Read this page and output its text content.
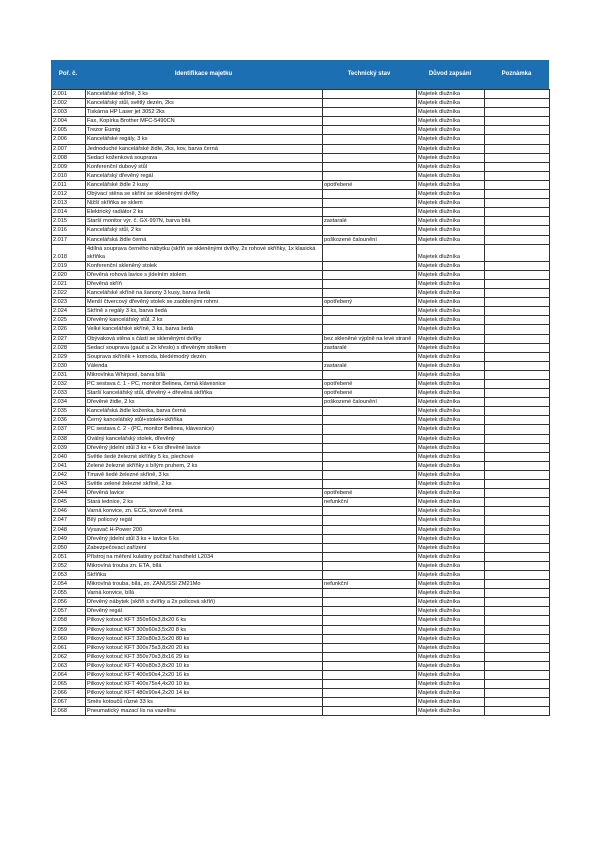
Poř. č.	Identifikace majetku	Technický stav	Důvod zapsání	Poznámka
2.001	Kancelářské skříně, 3 ks		Majetek dlužníka	
2.002	Kancelářský stůl, světlý dezén, 2ks		Majetek dlužníka	
2.003	Tiskárna HP Laser jet 3052 2ks		Majetek dlužníka	
2.004	Fax, Kopírka Brother MFC-5490CN		Majetek dlužníka	
2.005	Trezor Eumig		Majetek dlužníka	
2.006	Kancelářské regály, 3 ks		Majetek dlužníka	
2.007	Jednoduché kancelářské židle, 2ks, kov, barva černá		Majetek dlužníka	
2.008	Sedací koženková souprava		Majetek dlužníka	
2.009	Konferenční dubový stůl		Majetek dlužníka	
2.010	Kancelářský dřevěný regál		Majetek dlužníka	
2.011	Kancelářské židle 2 kusy	opotřebené	Majetek dlužníka	
2.012	Obývací stěna se skříní se skleněnými dvířky		Majetek dlužníka	
2.013	Nižší skříňka se sklem		Majetek dlužníka	
2.014	Elektrický radiátor 2 ks		Majetek dlužníka	
2.015	Starší monitor výr. č. GX-997N, barva bílá	zastaralé	Majetek dlužníka	
2.016	Kancelářský stůl, 2 ks		Majetek dlužníka	
2.017	Kancelářská židle černá	poškozené čalounění	Majetek dlužníka	
2.018	4dílná souprava černého nábytku (skříň se skleněnými dvířky, 2x rohové skříňky, 1x klasická skříňka		Majetek dlužníka	
2.019	Konferenční skleněný stolek		Majetek dlužníka	
2.020	Dřevěná rohová lavice s jídelním stolem		Majetek dlužníka	
2.021	Dřevěná skříň		Majetek dlužníka	
2.022	Kancelářské skříně na šanony 3 kusy, barva šedá		Majetek dlužníka	
2.023	Menší čtvercový dřevěný stolek se zaoblenými rohmi	opotřebený	Majetek dlužníka	
2.024	Skříně s regály 3 ks, barva šedá		Majetek dlužníka	
2.025	Dřevěný kancelářský stůl, 2 ks		Majetek dlužníka	
2.026	Velké kancelářské skříně, 3 ks, barva šedá		Majetek dlužníka	
2.027	Obývaková stěna s částí se skleněnými dvířky	bez skleněné výplně na levé straně	Majetek dlužníka	
2.028	Sedací souprava (gauč a 2x křeslo) s dřevěným stolkem	zastaralé	Majetek dlužníka	
2.029	Souprava skříněk + komoda, bledémodrý dezén		Majetek dlužníka	
2.030	Válenda	zastaralé	Majetek dlužníka	
2.031	Mikrovlnka Whirpool, barva bílá		Majetek dlužníka	
2.032	PC sestava č. 1 - PC, monitor Belinea, černá klávesnice	opotřebené	Majetek dlužníka	
2.033	Starší kancelářský stůl, dřevěný + dřevěná skříňka	opotřebené	Majetek dlužníka	
2.034	Dřevěné židle, 2 ks	poškozené čalounění	Majetek dlužníka	
2.035	Kancelářská židle koženka, barva černá		Majetek dlužníka	
2.036	Černý kancelářský stůl+stolek+skříňka		Majetek dlužníka	
2.037	PC sestava č. 2 - (PC, monitor Belinea, klávesnice)		Majetek dlužníka	
2.038	Oválný kancelářský stolek, dřevěný		Majetek dlužníka	
2.039	Dřevěný jídelní stůl 3 ks + 6 ks dřevěné lavice		Majetek dlužníka	
2.040	Světle šedé železné skříňky 5 ks, plechové		Majetek dlužníka	
2.041	Zelené železné skříňky s bílým pruhem, 2 ks		Majetek dlužníka	
2.042	Tmavě šedé železné skříně, 3 ks		Majetek dlužníka	
2.043	Světle zelené železné skříně, 2 ks		Majetek dlužníka	
2.044	Dřevěná lavice	opotřebené	Majetek dlužníka	
2.045	Stará lednice, 2 ks	nefunkční	Majetek dlužníka	
2.046	Varná konvice, zn. ECG, kovově černá		Majetek dlužníka	
2.047	Bílý policový regál		Majetek dlužníka	
2.048	Vysavač H-Power 200		Majetek dlužníka	
2.049	Dřevěný jídelní stůl 3 ks + lavice 6 ks		Majetek dlužníka	
2.050	Zabezpečovací zařízení		Majetek dlužníka	
2.051	Přístroj na měření kulatiny počítač handheld L2034		Majetek dlužníka	
2.052	Mikrovlná trouba zn. ETA, bílá		Majetek dlužníka	
2.053	Skříňka		Majetek dlužníka	
2.054	Mikrovlná trouba, bílá, zn. ZANUSSI ZM21Mo	nefunkční	Majetek dlužníka	
2.055	Varná konvice, bílá		Majetek dlužníka	
2.056	Dřevěný nábytek (skříň s dvířky a 2x policová skříň)		Majetek dlužníka	
2.057	Dřevěný regál		Majetek dlužníka	
2.058	Pilkový kotouč KFT 350x60x3,8x20 6 ks		Majetek dlužníka	
2.059	Pilkový kotouč KFT 300x60x3,5x20 8 ks		Majetek dlužníka	
2.060	Pilkový kotouč KFT 320x80x3,5x20 80 ks		Majetek dlužníka	
2.061	Pilkový kotouč KFT 300x75x3,8x20 20 ks		Majetek dlužníka	
2.062	Pilkový kotouč KFT 350x70x3,8x16 29 ks		Majetek dlužníka	
2.063	Pilkový kotouč KFT 400x80x3,8x20 10 ks		Majetek dlužníka	
2.064	Pilkový kotouč KFT 400x90x4,2x20 16 ks		Majetek dlužníka	
2.065	Pilkový kotouč KFT 400x75x4,4x20 10 ks		Majetek dlužníka	
2.066	Pilkový kotouč KFT 480x90x4,2x20 14 ks		Majetek dlužníka	
2.067	Směs kotoučů různé 33 ks		Majetek dlužníka	
2.068	Pneumatický mazací lis na vazelínu		Majetek dlužníka	
